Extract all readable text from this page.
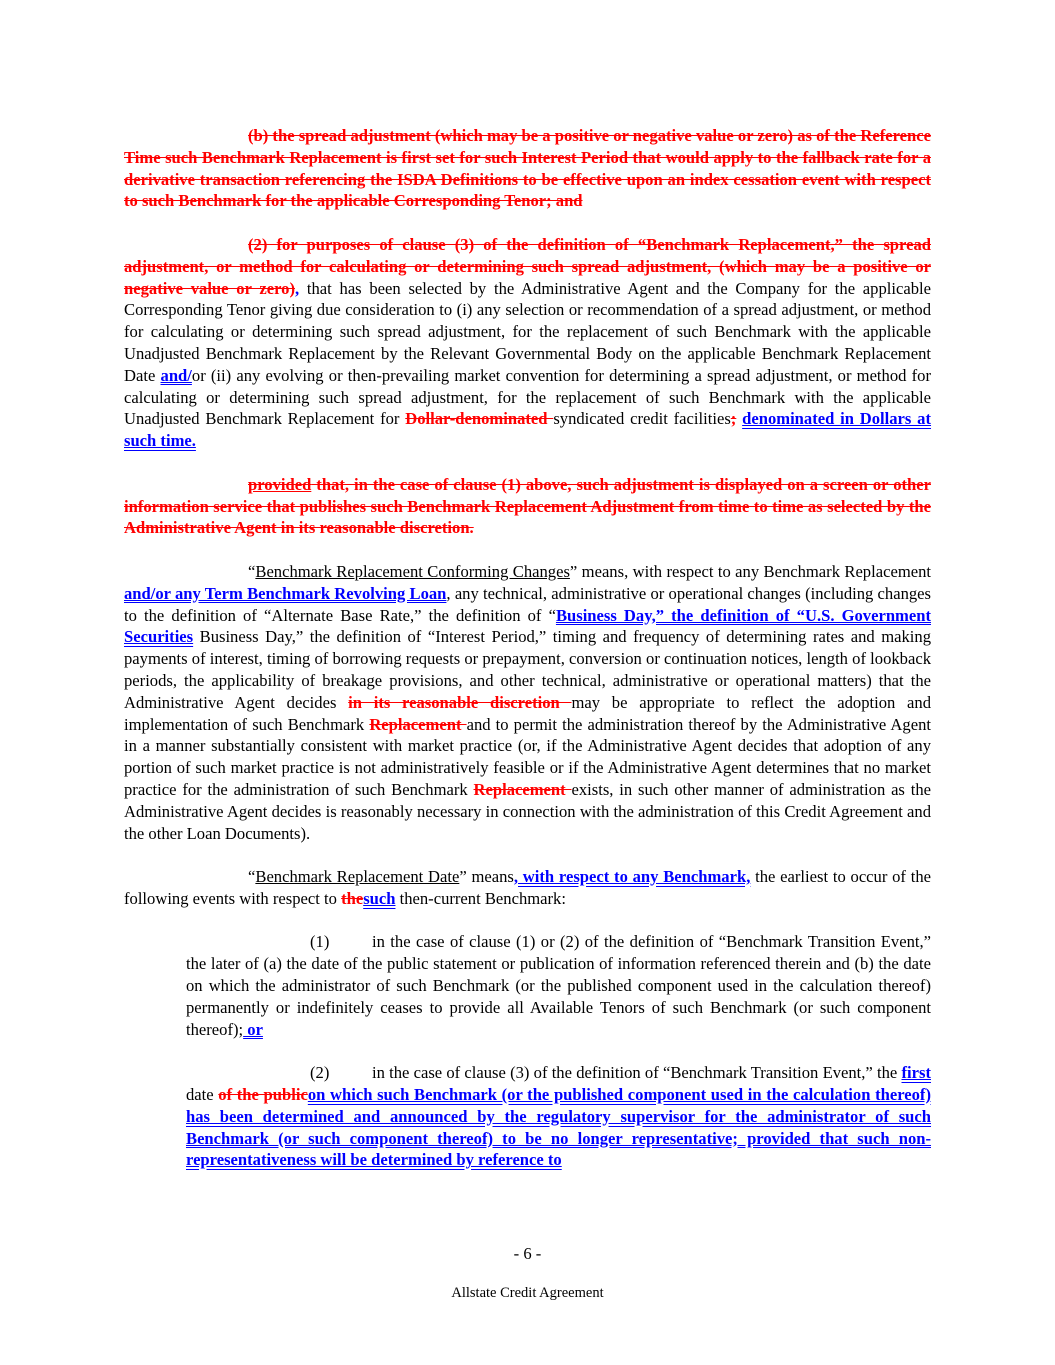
(b) the spread adjustment (which may be a positive or negative value or zero) as of the Reference Time such Benchmark Replacement is first set for such Interest Period that would apply to the fallback rate for a derivative transaction referencing the ISDA Definitions to be effective upon an index cessation event with respect to such Benchmark for the applicable Corresponding Tenor; and

(2) for purposes of clause (3) of the definition of “Benchmark Replacement,” the spread adjustment, or method for calculating or determining such spread adjustment, (which may be a positive or negative value or zero), that has been selected by the Administrative Agent and the Company for the applicable Corresponding Tenor giving due consideration to (i) any selection or recommendation of a spread adjustment, or method for calculating or determining such spread adjustment, for the replacement of such Benchmark with the applicable Unadjusted Benchmark Replacement by the Relevant Governmental Body on the applicable Benchmark Replacement Date and/or (ii) any evolving or then-prevailing market convention for determining a spread adjustment, or method for calculating or determining such spread adjustment, for the replacement of such Benchmark with the applicable Unadjusted Benchmark Replacement for Dollar-denominated syndicated credit facilities; denominated in Dollars at such time.

provided that, in the case of clause (1) above, such adjustment is displayed on a screen or other information service that publishes such Benchmark Replacement Adjustment from time to time as selected by the Administrative Agent in its reasonable discretion.

“Benchmark Replacement Conforming Changes” means, with respect to any Benchmark Replacement and/or any Term Benchmark Revolving Loan, any technical, administrative or operational changes (including changes to the definition of “Alternate Base Rate,” the definition of “Business Day,” the definition of “U.S. Government Securities Business Day,” the definition of “Interest Period,” timing and frequency of determining rates and making payments of interest, timing of borrowing requests or prepayment, conversion or continuation notices, length of lookback periods, the applicability of breakage provisions, and other technical, administrative or operational matters) that the Administrative Agent decides in its reasonable discretion may be appropriate to reflect the adoption and implementation of such Benchmark Replacement and to permit the administration thereof by the Administrative Agent in a manner substantially consistent with market practice (or, if the Administrative Agent decides that adoption of any portion of such market practice is not administratively feasible or if the Administrative Agent determines that no market practice for the administration of such Benchmark Replacement exists, in such other manner of administration as the Administrative Agent decides is reasonably necessary in connection with the administration of this Credit Agreement and the other Loan Documents).

“Benchmark Replacement Date” means, with respect to any Benchmark, the earliest to occur of the following events with respect to thesuch then-current Benchmark:

(1)	in the case of clause (1) or (2) of the definition of “Benchmark Transition Event,” the later of (a) the date of the public statement or publication of information referenced therein and (b) the date on which the administrator of such Benchmark (or the published component used in the calculation thereof) permanently or indefinitely ceases to provide all Available Tenors of such Benchmark (or such component thereof); or

(2)	in the case of clause (3) of the definition of “Benchmark Transition Event,” the first date of the publicon which such Benchmark (or the published component used in the calculation thereof) has been determined and announced by the regulatory supervisor for the administrator of such Benchmark (or such component thereof) to be no longer representative; provided that such non-representativeness will be determined by reference to

- 6 -
Allstate Credit Agreement
